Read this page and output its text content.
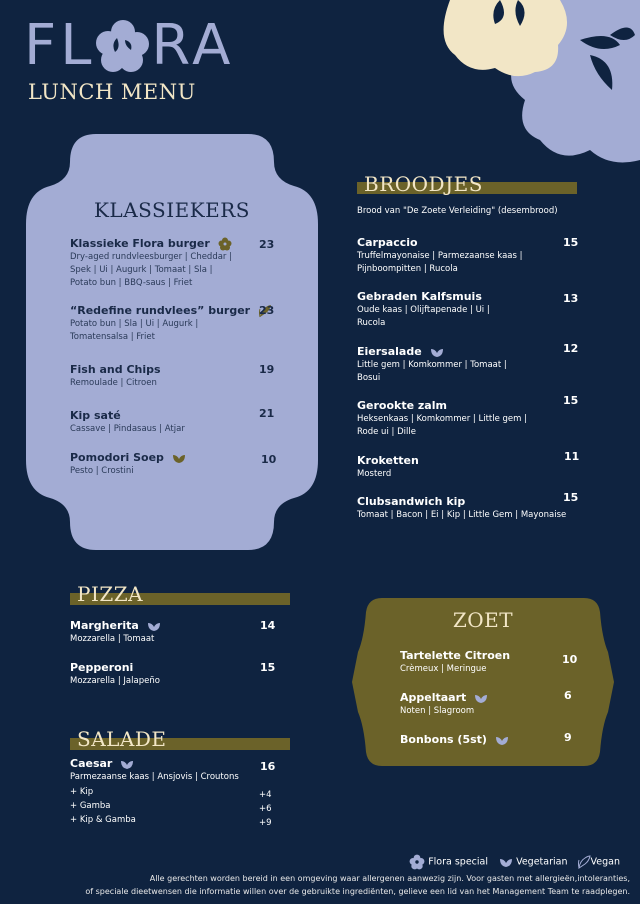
FL RA
LUNCH MENU
KLASSIEKERS
Klassieke Flora burger
Dry-aged rundvleesburger | Cheddar |
Spek | Ui | Augurk | Tomaat | Sla |
Potato bun | BBQ-saus | Friet
23
“Redefine rundvlees” burger
Potato bun | Sla | Ui | Augurk |
Tomatensalsa | Friet
23
Fish and Chips
Remoulade | Citroen
19
Kip saté
Cassave | Pindasaus | Atjar
21
Pomodori Soep
Pesto | Crostini
10
BROODJES
Brood van "De Zoete Verleiding" (desembrood)
Carpaccio
Truffelmayonaise | Parmezaanse kaas |
Pijnboompitten | Rucola
15
Gebraden Kalfsmuis
Oude kaas | Olijftapenade | Ui |
Rucola
13
Eiersalade
Little gem | Komkommer | Tomaat |
Bosui
12
Gerookte zalm
Heksenkaas | Komkommer | Little gem |
Rode ui | Dille
15
Kroketten
Mosterd
11
Clubsandwich kip
Tomaat | Bacon | Ei | Kip | Little Gem | Mayonaise
15
PIZZA
Margherita
Mozzarella | Tomaat
14
Pepperoni
Mozzarella | Jalapeño
15
SALADE
Caesar
Parmezaanse kaas | Ansjovis | Croutons
16
+ Kip	+4
+ Gamba	+6
+ Kip & Gamba	+9
ZOET
Tartelette Citroen
Crèmeux | Meringue
10
Appeltaart
Noten | Slagroom
6
Bonbons (5st)	9
Flora special	Vegetarian Vegan
Alle gerechten worden bereid in een omgeving waar allergenen aanwezig zijn. Voor gasten met allergieën,intoleranties,
of speciale dieetwensen die informatie willen over de gebruikte ingrediënten, gelieve een lid van het Management Team te raadplegen.
